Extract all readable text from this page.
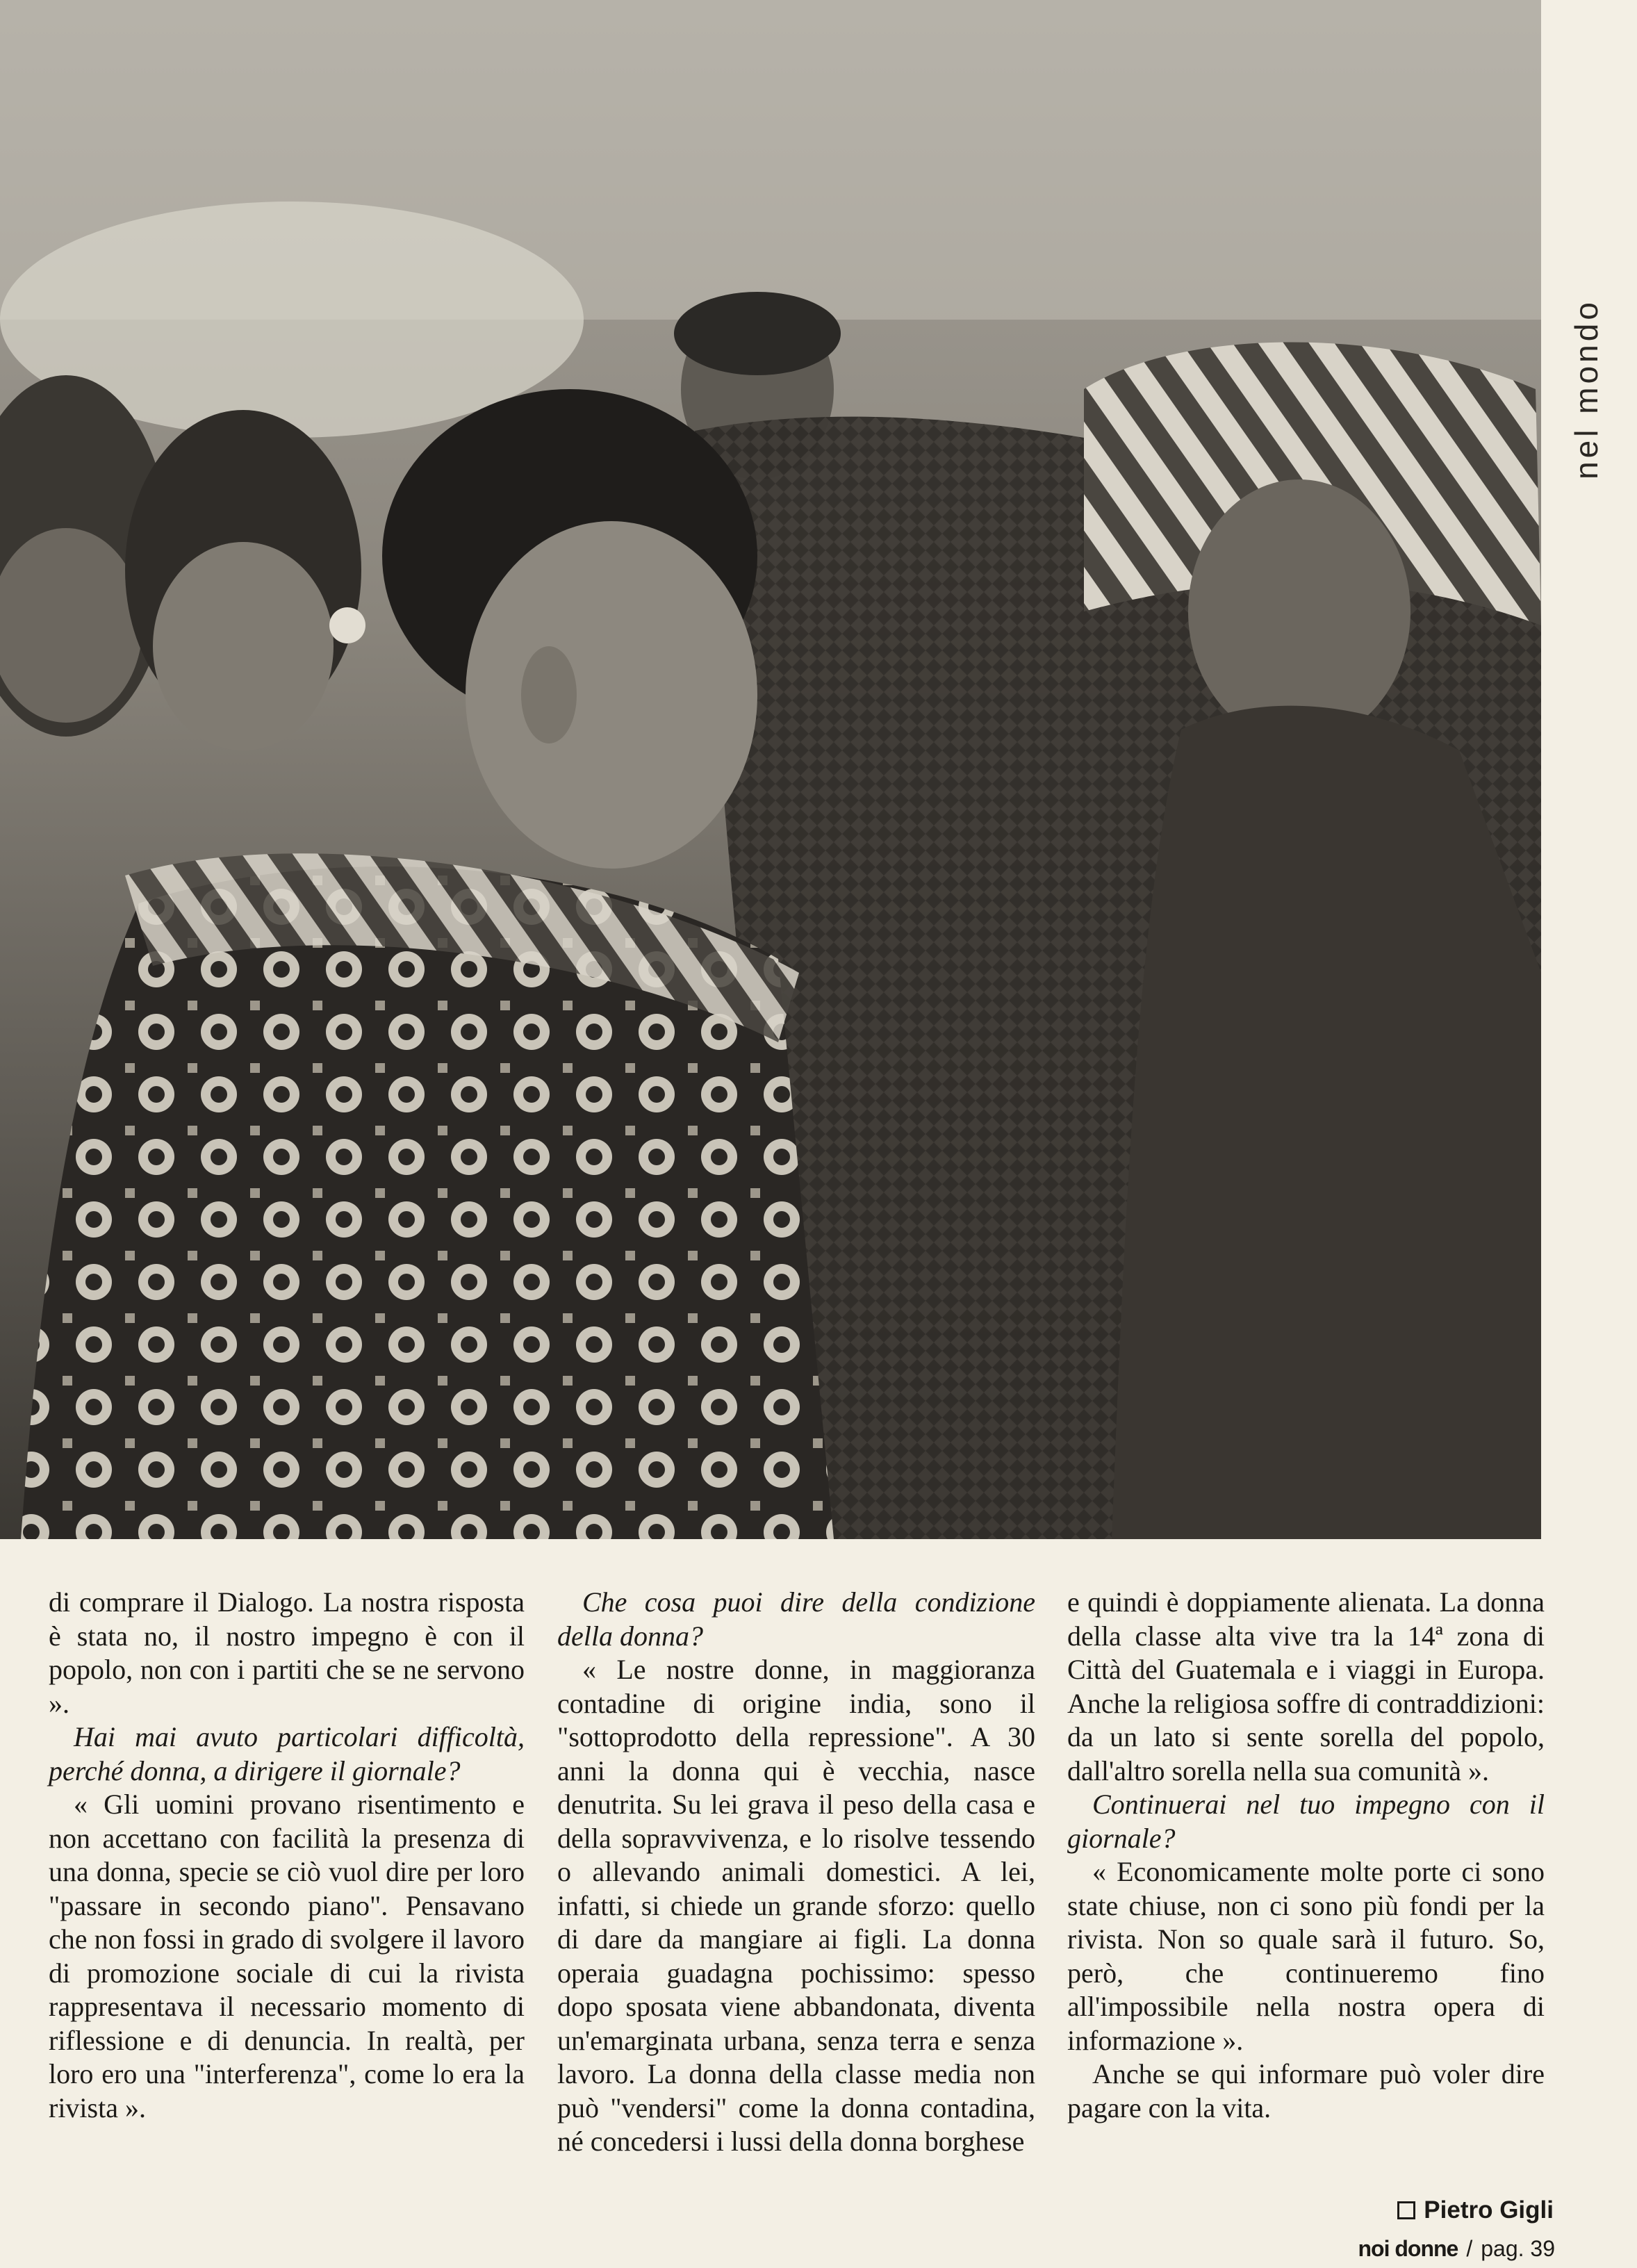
nel mondo

di comprare il Dialogo. La nostra risposta è stata no, il nostro impegno è con il popolo, non con i partiti che se ne servono ».

Hai mai avuto particolari difficoltà, perché donna, a dirigere il giornale?

« Gli uomini provano risentimento e non accettano con facilità la presenza di una donna, specie se ciò vuol dire per loro "passare in secondo piano". Pensavano che non fossi in grado di svolgere il lavoro di promozione sociale di cui la rivista rappresentava il necessario momento di riflessione e di denuncia. In realtà, per loro ero una "interferenza", come lo era la rivista ».

Che cosa puoi dire della condizione della donna?

« Le nostre donne, in maggioranza contadine di origine india, sono il "sottoprodotto della repressione". A 30 anni la donna qui è vecchia, nasce denutrita. Su lei grava il peso della casa e della sopravvivenza, e lo risolve tessendo o allevando animali domestici. A lei, infatti, si chiede un grande sforzo: quello di dare da mangiare ai figli. La donna operaia guadagna pochissimo: spesso dopo sposata viene abbandonata, diventa un'emarginata urbana, senza terra e senza lavoro. La donna della classe media non può "vendersi" come la donna contadina, né concedersi i lussi della donna borghese

e quindi è doppiamente alienata. La donna della classe alta vive tra la 14ª zona di Città del Guatemala e i viaggi in Europa. Anche la religiosa soffre di contraddizioni: da un lato si sente sorella del popolo, dall'altro sorella nella sua comunità ».

Continuerai nel tuo impegno con il giornale?

« Economicamente molte porte ci sono state chiuse, non ci sono più fondi per la rivista. Non so quale sarà il futuro. So, però, che continueremo fino all'impossibile nella nostra opera di informazione ».

Anche se qui informare può voler dire pagare con la vita.

Pietro Gigli
noi donne / pag. 39
